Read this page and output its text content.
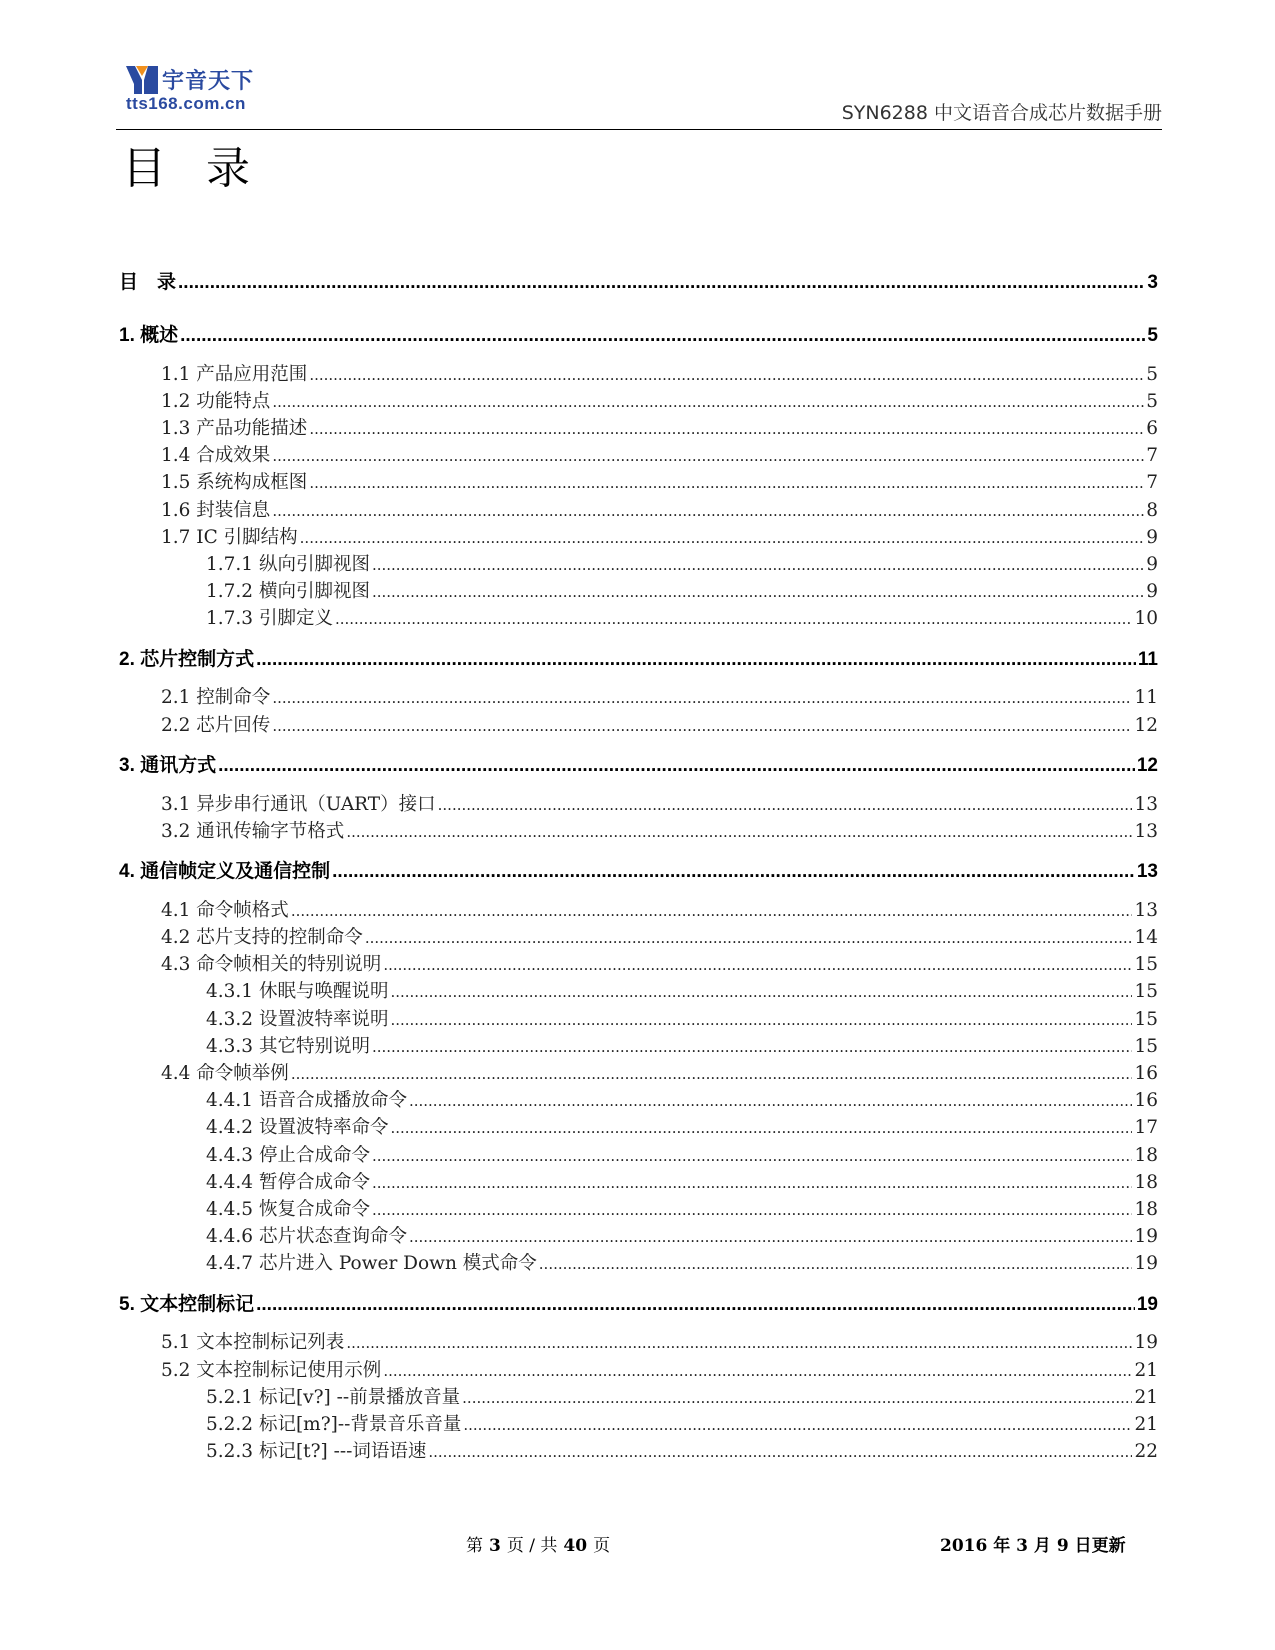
宇音天下
tts168.com.cn	SYN6288 中文语音合成芯片数据手册
目 录
目　录 .....	3
1. 概述 .....	5
1.1 产品应用范围 .....	5
1.2 功能特点 .....	5
1.3 产品功能描述 .....	6
1.4 合成效果 .....	7
1.5 系统构成框图 .....	7
1.6 封装信息 .....	8
1.7 IC 引脚结构 .....	9
1.7.1 纵向引脚视图 .....	9
1.7.2 横向引脚视图 .....	9
1.7.3 引脚定义 .....	10
2. 芯片控制方式 .....	11
2.1 控制命令 .....	11
2.2 芯片回传 .....	12
3. 通讯方式 .....	12
3.1 异步串行通讯（UART）接口 .....	13
3.2 通讯传输字节格式 .....	13
4. 通信帧定义及通信控制 .....	13
4.1 命令帧格式 .....	13
4.2 芯片支持的控制命令 .....	14
4.3 命令帧相关的特别说明 .....	15
4.3.1 休眠与唤醒说明 .....	15
4.3.2 设置波特率说明 .....	15
4.3.3 其它特别说明 .....	15
4.4 命令帧举例 .....	16
4.4.1 语音合成播放命令 .....	16
4.4.2 设置波特率命令 .....	17
4.4.3 停止合成命令 .....	18
4.4.4 暂停合成命令 .....	18
4.4.5 恢复合成命令 .....	18
4.4.6 芯片状态查询命令 .....	19
4.4.7 芯片进入 Power Down 模式命令 .....	19
5. 文本控制标记 .....	19
5.1 文本控制标记列表 .....	19
5.2 文本控制标记使用示例 .....	21
5.2.1 标记[v?] --前景播放音量 .....	21
5.2.2 标记[m?]--背景音乐音量 .....	21
5.2.3 标记[t?] ---词语语速 .....	22
第 3 页 / 共 40 页	2016 年 3 月 9 日更新
